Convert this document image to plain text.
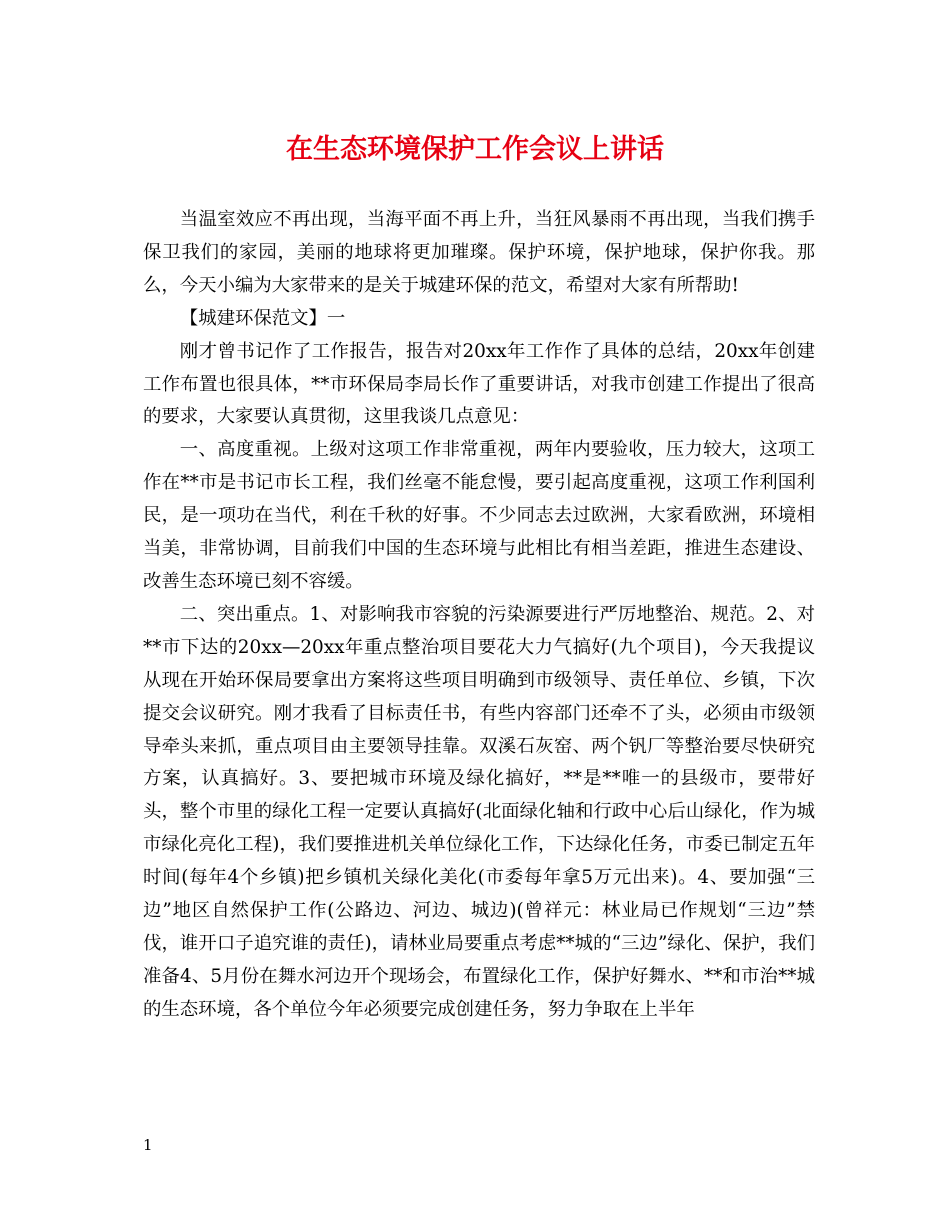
在生态环境保护工作会议上讲话

当温室效应不再出现，当海平面不再上升，当狂风暴雨不再出现，当我们携手保卫我们的家园，美丽的地球将更加璀璨。保护环境，保护地球，保护你我。那么，今天小编为大家带来的是关于城建环保的范文，希望对大家有所帮助!

【城建环保范文】一

刚才曾书记作了工作报告，报告对20xx年工作作了具体的总结，20xx年创建工作布置也很具体，**市环保局李局长作了重要讲话，对我市创建工作提出了很高的要求，大家要认真贯彻，这里我谈几点意见：

一、高度重视。上级对这项工作非常重视，两年内要验收，压力较大，这项工作在**市是书记市长工程，我们丝毫不能怠慢，要引起高度重视，这项工作利国利民，是一项功在当代，利在千秋的好事。不少同志去过欧洲，大家看欧洲，环境相当美，非常协调，目前我们中国的生态环境与此相比有相当差距，推进生态建设、改善生态环境已刻不容缓。

二、突出重点。1、对影响我市容貌的污染源要进行严厉地整治、规范。2、对**市下达的20xx—20xx年重点整治项目要花大力气搞好(九个项目)，今天我提议从现在开始环保局要拿出方案将这些项目明确到市级领导、责任单位、乡镇，下次提交会议研究。刚才我看了目标责任书，有些内容部门还牵不了头，必须由市级领导牵头来抓，重点项目由主要领导挂靠。双溪石灰窑、两个钒厂等整治要尽快研究方案，认真搞好。3、要把城市环境及绿化搞好，**是**唯一的县级市，要带好头，整个市里的绿化工程一定要认真搞好(北面绿化轴和行政中心后山绿化，作为城市绿化亮化工程)，我们要推进机关单位绿化工作，下达绿化任务，市委已制定五年时间(每年4个乡镇)把乡镇机关绿化美化(市委每年拿5万元出来)。4、要加强“三边”地区自然保护工作(公路边、河边、城边)(曾祥元：林业局已作规划“三边”禁伐，谁开口子追究谁的责任)，请林业局要重点考虑**城的“三边”绿化、保护，我们准备4、5月份在舞水河边开个现场会，布置绿化工作，保护好舞水、**和市治**城的生态环境，各个单位今年必须要完成创建任务，努力争取在上半年

1
